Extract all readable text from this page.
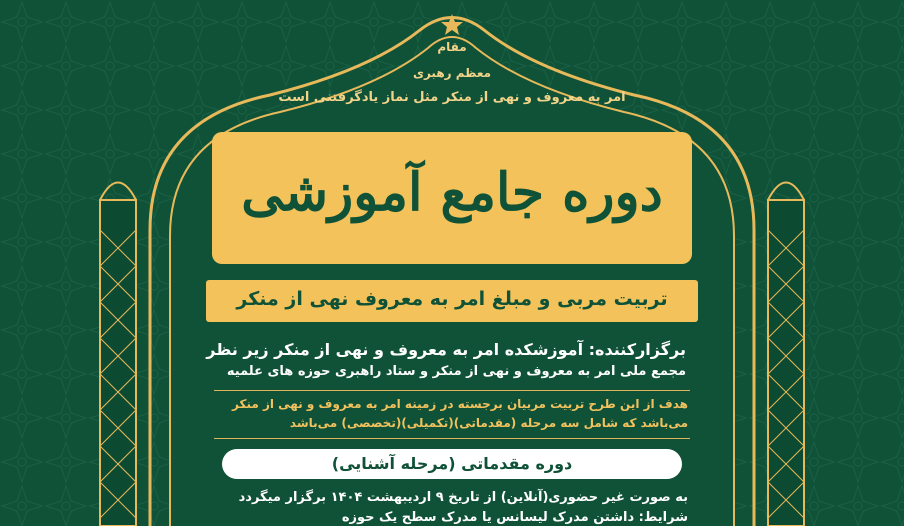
مقام
معظم رهبری
امر به معروف و نهی از منکر مثل نماز یادگرفتنی است
دوره جامع آموزشی
تربیت مربی و مبلغ امر به معروف نهی از منکر
برگزارکننده: آموزشکده امر به معروف و نهی از منکر زیر نظر
مجمع ملی امر به معروف و نهی از منکر و ستاد راهبری حوزه های علمیه
هدف از این طرح تربیت مربیان برجسته در زمینه امر به معروف و نهی از منکر
می‌باشد که شامل سه مرحله (مقدماتی)(تکمیلی)(تخصصی) می‌باشد
دوره مقدماتی (مرحله آشنایی)
به صورت غیر حضوری(آنلاین) از تاریخ ۹ اردیبهشت ۱۴۰۴ برگزار میگردد
شرایط: داشتن مدرک لیسانس یا مدرک سطح یک حوزه
